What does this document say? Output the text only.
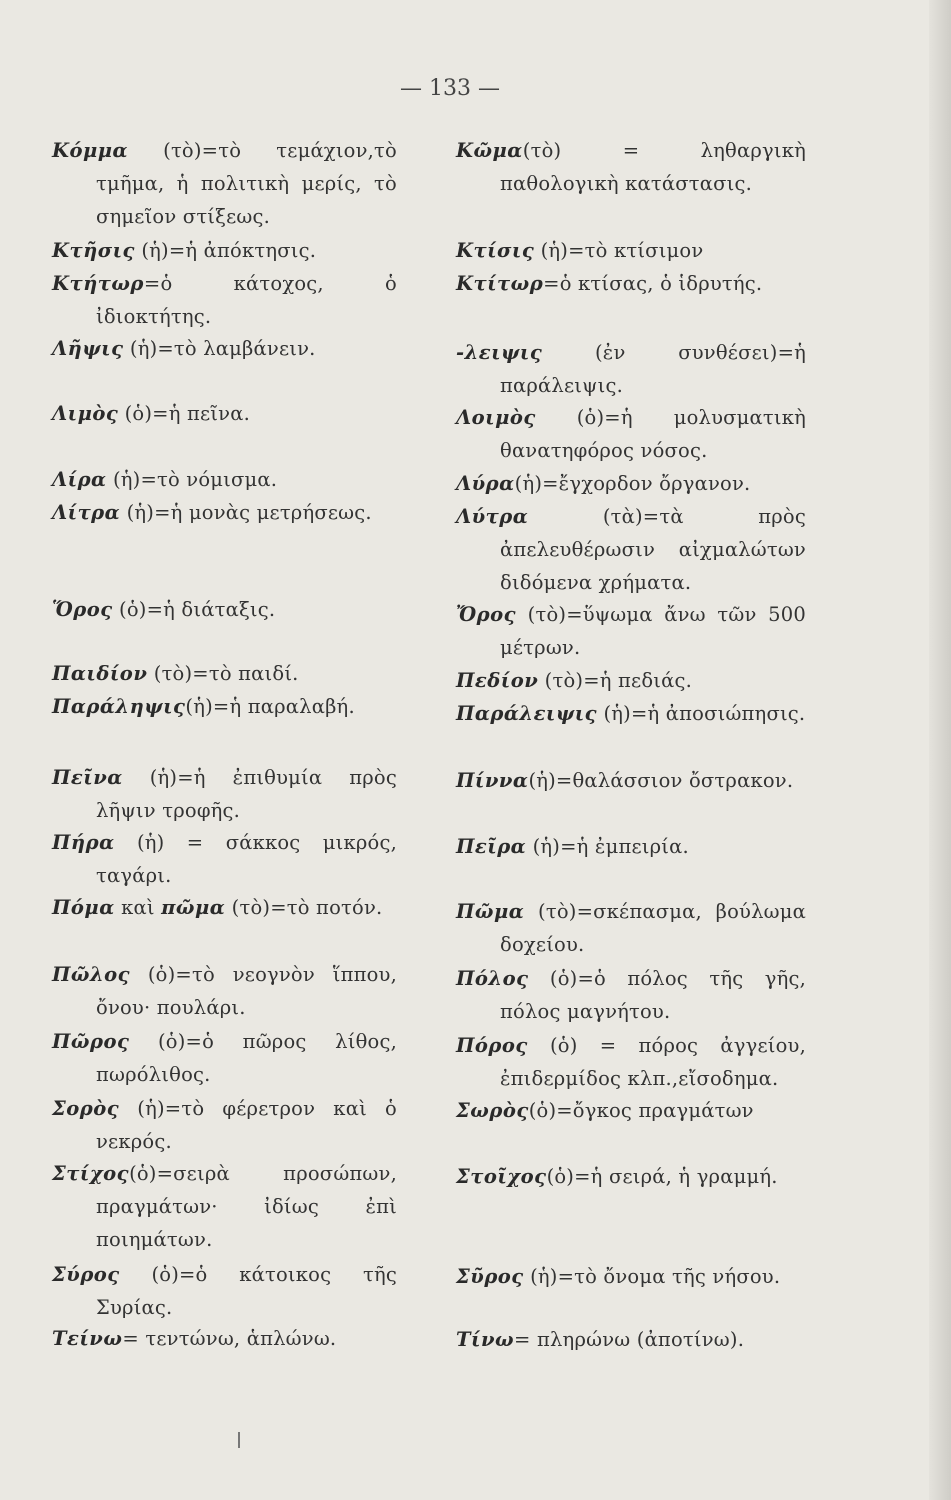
— 133 —
Κόμμα (τὸ)=τὸ τεμάχιον,τὸ τμῆμα, ἡ πολιτικὴ μερίς, τὸ σημεῖον στίξεως.
Κτῆσις (ἡ)=ἡ ἀπόκτησις.
Κτήτωρ=ὁ κάτοχος, ὁ ἰδιοκτήτης.
Λῆψις (ἡ)=τὸ λαμβάνειν.
Λιμὸς (ὁ)=ἡ πεῖνα.
Λίρα (ἡ)=τὸ νόμισμα.
Λίτρα (ἡ)=ἡ μονὰς μετρήσεως.
Ὅρος (ὁ)=ἡ διάταξις.
Παιδίον (τὸ)=τὸ παιδί.
Παράληψις(ἡ)=ἡ παραλαβή.
Πεῖνα (ἡ)=ἡ ἐπιθυμία πρὸς λῆψιν τροφῆς.
Πήρα (ἡ) = σάκκος μικρός, ταγάρι.
Πόμα καὶ πῶμα (τὸ)=τὸ ποτόν.
Πῶλος (ὁ)=τὸ νεογνὸν ἵππου, ὄνου· πουλάρι.
Πῶρος (ὁ)=ὁ πῶρος λίθος, πωρόλιθος.
Σορὸς (ἡ)=τὸ φέρετρον καὶ ὁ νεκρός.
Στίχος(ὁ)=σειρὰ προσώπων, πραγμάτων· ἰδίως ἐπὶ ποιημάτων.
Σύρος (ὁ)=ὁ κάτοικος τῆς Συρίας.
Τείνω= τεντώνω, ἁπλώνω.
Κῶμα(τὸ) = ληθαργικὴ παθολογικὴ κατάστασις.
Κτίσις (ἡ)=τὸ κτίσιμον
Κτίτωρ=ὁ κτίσας, ὁ ἱδρυτής.
-λειψις (ἐν συνθέσει)=ἡ παράλειψις.
Λοιμὸς (ὁ)=ἡ μολυσματικὴ θανατηφόρος νόσος.
Λύρα(ἡ)=ἔγχορδον ὄργανον.
Λύτρα (τὰ)=τὰ πρὸς ἀπελευθέρωσιν αἰχμαλώτων διδόμενα χρήματα.
Ὄρος (τὸ)=ὕψωμα ἄνω τῶν 500 μέτρων.
Πεδίον (τὸ)=ἡ πεδιάς.
Παράλειψις (ἡ)=ἡ ἀποσιώπησις.
Πίννα(ἡ)=θαλάσσιον ὄστρακον.
Πεῖρα (ἡ)=ἡ ἐμπειρία.
Πῶμα (τὸ)=σκέπασμα, βούλωμα δοχείου.
Πόλος (ὁ)=ὁ πόλος τῆς γῆς, πόλος μαγνήτου.
Πόρος (ὁ) = πόρος ἀγγείου, ἐπιδερμίδος κλπ.,εἴσοδημα.
Σωρὸς(ὁ)=ὄγκος πραγμάτων
Στοῖχος(ὁ)=ἡ σειρά, ἡ γραμμή.
Σῦρος (ἡ)=τὸ ὄνομα τῆς νήσου.
Τίνω= πληρώνω (ἀποτίνω).
